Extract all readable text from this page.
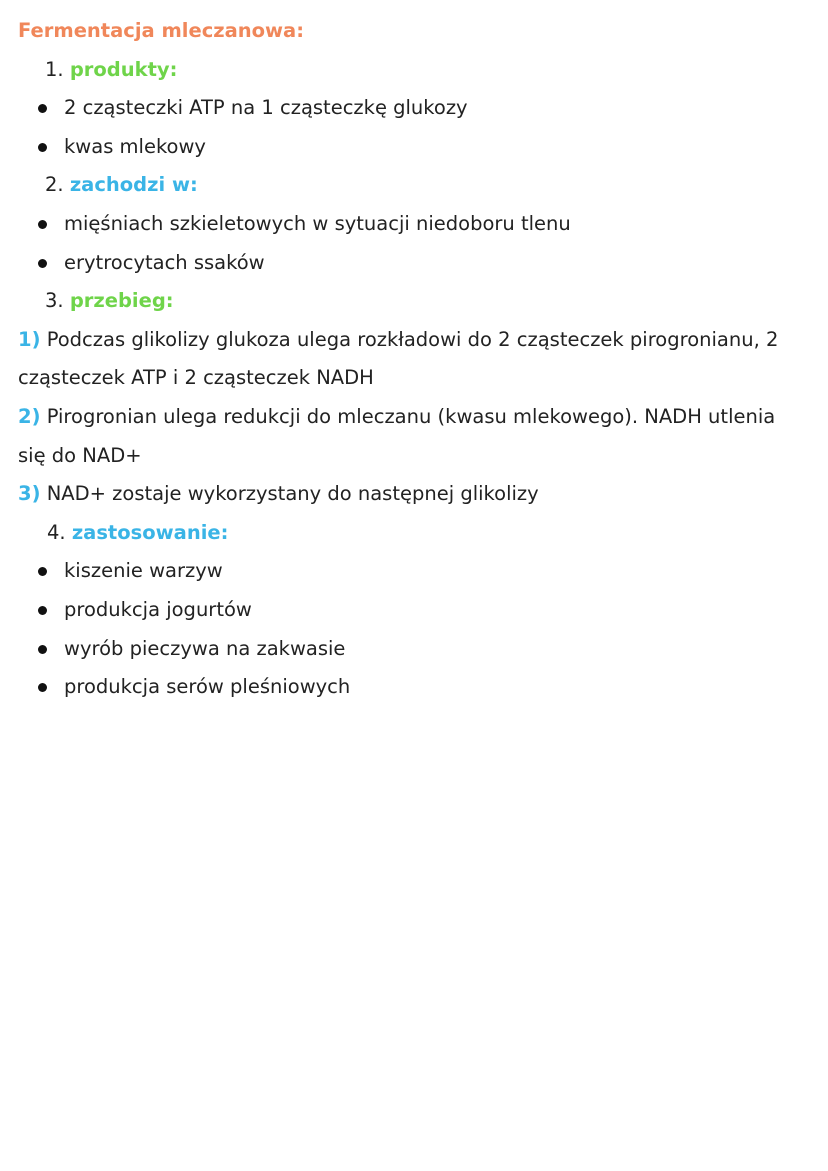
Fermentacja mleczanowa:
1. produkty:
2 cząsteczki ATP na 1 cząsteczkę glukozy
kwas mlekowy
2. zachodzi w:
mięśniach szkieletowych w sytuacji niedoboru tlenu
erytrocytach ssaków
3. przebieg:
1) Podczas glikolizy glukoza ulega rozkładowi do 2 cząsteczek pirogronianu, 2
cząsteczek ATP i 2 cząsteczek NADH
2) Pirogronian ulega redukcji do mleczanu (kwasu mlekowego). NADH utlenia
się do NAD+
3) NAD+ zostaje wykorzystany do następnej glikolizy
4. zastosowanie:
kiszenie warzyw
produkcja jogurtów
wyrób pieczywa na zakwasie
produkcja serów pleśniowych
